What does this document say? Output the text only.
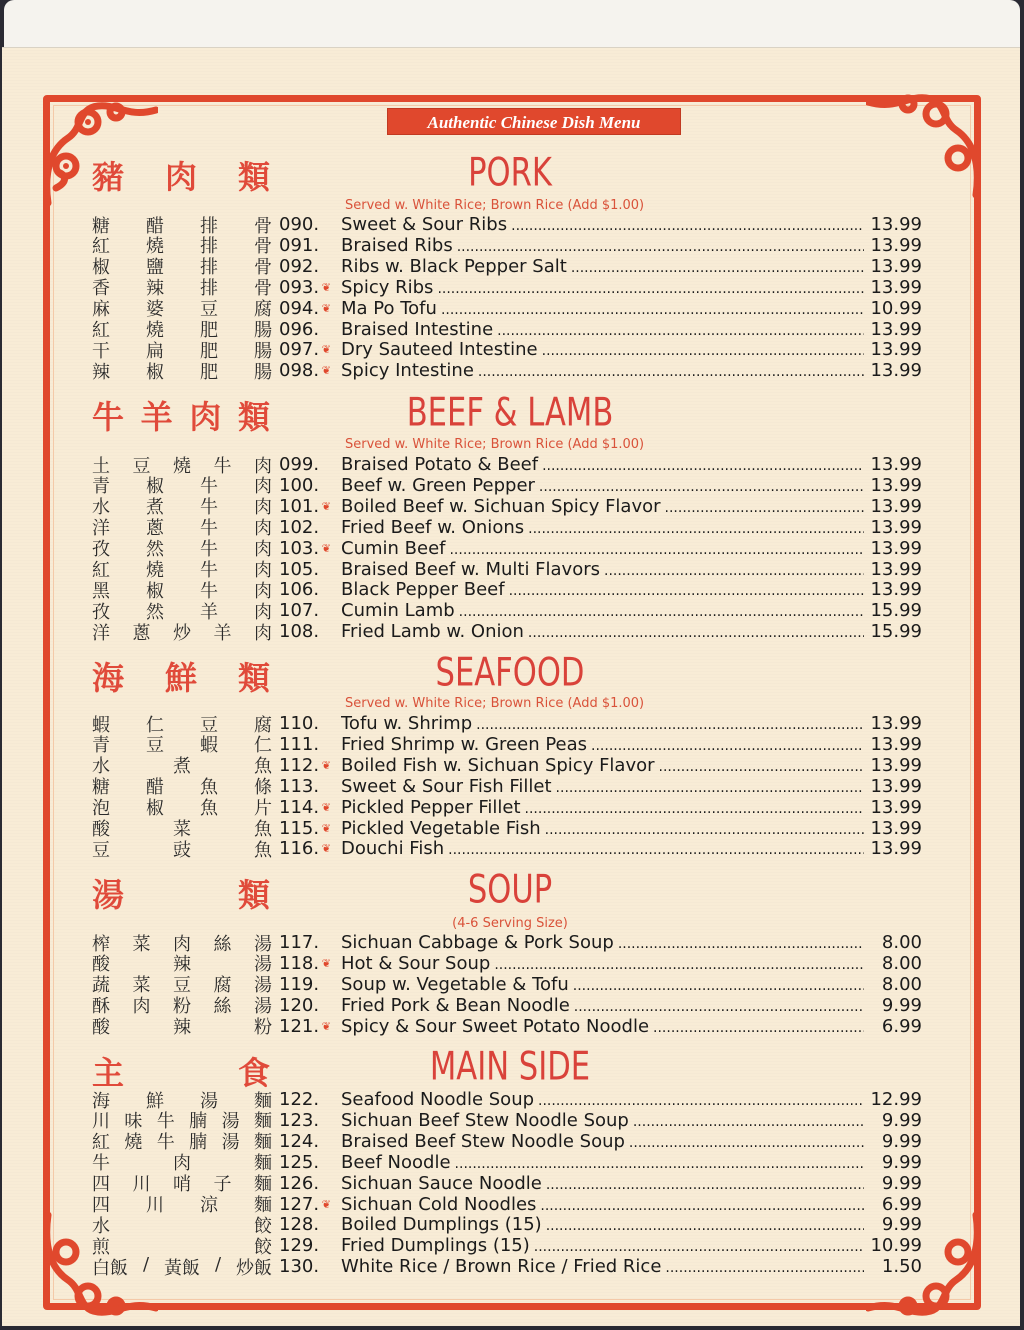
Authentic Chinese Dish Menu
豬 肉 類	PORK
Served w. White Rice; Brown Rice (Add $1.00)
糖 醋 排 骨 090.	Sweet & Sour Ribs .....	13.99
紅 燒 排 骨 091.	Braised Ribs .....	13.99
椒 鹽 排 骨 092.	Ribs w. Black Pepper Salt .....	13.99
香 辣 排 骨 093. ❦ Spicy Ribs .....	13.99
麻 婆 豆 腐 094. ❦ Ma Po Tofu .....	10.99
紅 燒 肥 腸 096.	Braised Intestine .....	13.99
干 扁 肥 腸 097. ❦ Dry Sauteed Intestine .....	13.99
辣 椒 肥 腸 098. ❦ Spicy Intestine .....	13.99
牛 羊 肉 類	BEEF & LAMB
Served w. White Rice; Brown Rice (Add $1.00)
土 豆 燒 牛 肉 099.	Braised Potato & Beef .....	13.99
青 椒 牛 肉 100.	Beef w. Green Pepper .....	13.99
水 煮 牛 肉 101. ❦ Boiled Beef w. Sichuan Spicy Flavor .....	13.99
洋 蔥 牛 肉 102.	Fried Beef w. Onions .....	13.99
孜 然 牛 肉 103. ❦ Cumin Beef .....	13.99
紅 燒 牛 肉 105.	Braised Beef w. Multi Flavors .....	13.99
黑 椒 牛 肉 106.	Black Pepper Beef .....	13.99
孜 然 羊 肉 107.	Cumin Lamb .....	15.99
洋 蔥 炒 羊 肉 108.	Fried Lamb w. Onion .....	15.99
海 鮮 類	SEAFOOD
Served w. White Rice; Brown Rice (Add $1.00)
蝦 仁 豆 腐 110.	Tofu w. Shrimp .....	13.99
青 豆 蝦 仁 111.	Fried Shrimp w. Green Peas .....	13.99
水	煮	魚 112. ❦ Boiled Fish w. Sichuan Spicy Flavor .....	13.99
糖 醋 魚 條 113.	Sweet & Sour Fish Fillet .....	13.99
泡 椒 魚 片 114. ❦ Pickled Pepper Fillet .....	13.99
酸	菜	魚 115. ❦ Pickled Vegetable Fish .....	13.99
豆	豉	魚 116. ❦ Douchi Fish .....	13.99
湯	類	SOUP
(4-6 Serving Size)
榨 菜 肉 絲 湯 117.	Sichuan Cabbage & Pork Soup .....	8.00
酸	辣	湯 118. ❦ Hot & Sour Soup .....	8.00
蔬 菜 豆 腐 湯 119.	Soup w. Vegetable & Tofu .....	8.00
酥 肉 粉 絲 湯 120.	Fried Pork & Bean Noodle .....	9.99
酸	辣	粉 121. ❦ Spicy & Sour Sweet Potato Noodle .....	6.99
主	食	MAIN SIDE
海 鮮 湯 麵 122.	Seafood Noodle Soup .....	12.99
川 味 牛 腩 湯 麵 123.	Sichuan Beef Stew Noodle Soup .....	9.99
紅 燒 牛 腩 湯 麵 124.	Braised Beef Stew Noodle Soup .....	9.99
牛	肉	麵 125.	Beef Noodle .....	9.99
四 川 哨 子 麵 126.	Sichuan Sauce Noodle .....	9.99
四 川 涼 麵 127. ❦ Sichuan Cold Noodles .....	6.99
水	餃 128.	Boiled Dumplings (15) .....	9.99
煎	餃 129.	Fried Dumplings (15) .....	10.99
白飯 / 黃飯 / 炒飯 130.	White Rice / Brown Rice / Fried Rice .....	1.50
